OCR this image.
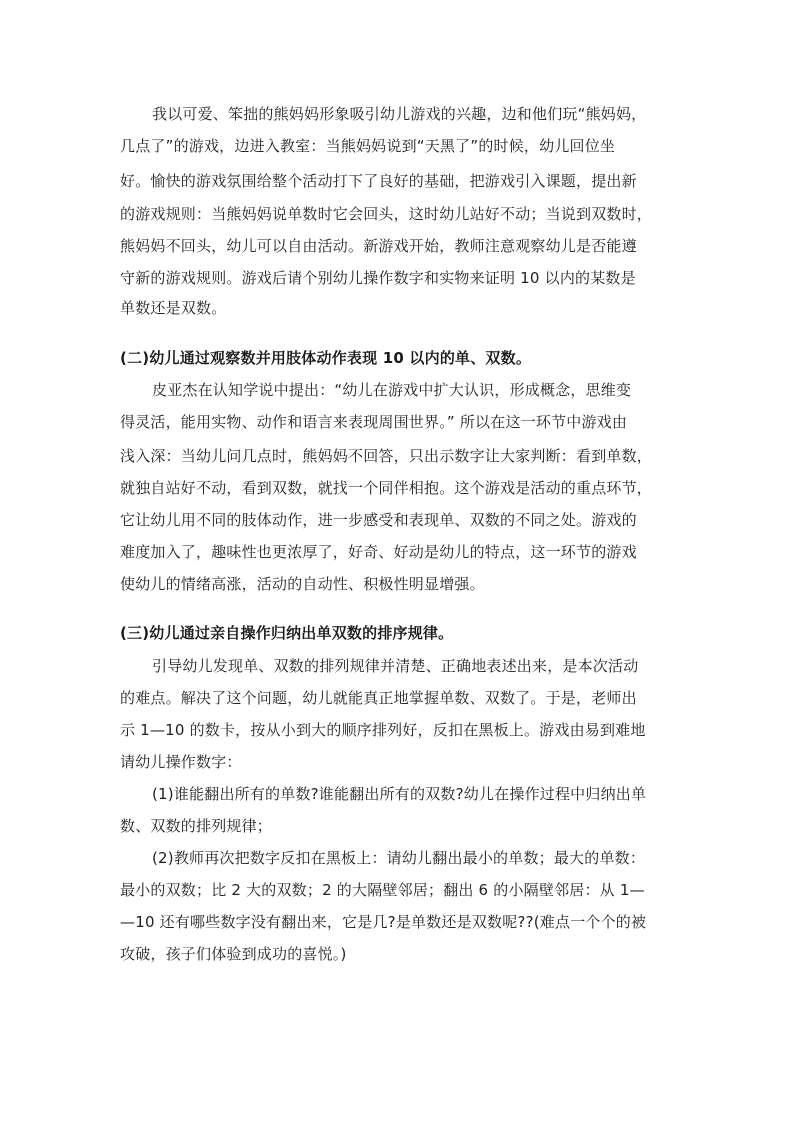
我以可爱、笨拙的熊妈妈形象吸引幼儿游戏的兴趣，边和他们玩“熊妈妈，
几点了”的游戏，边进入教室：当熊妈妈说到“天黑了”的时候，幼儿回位坐
好。愉快的游戏氛围给整个活动打下了良好的基础，把游戏引入课题，提出新
的游戏规则：当熊妈妈说单数时它会回头，这时幼儿站好不动；当说到双数时，
熊妈妈不回头，幼儿可以自由活动。新游戏开始，教师注意观察幼儿是否能遵
守新的游戏规则。游戏后请个别幼儿操作数字和实物来证明 10 以内的某数是
单数还是双数。
(二)幼儿通过观察数并用肢体动作表现 10 以内的单、双数。
皮亚杰在认知学说中提出：“幼儿在游戏中扩大认识，形成概念，思维变
得灵活，能用实物、动作和语言来表现周围世界。” 所以在这一环节中游戏由
浅入深：当幼儿问几点时，熊妈妈不回答，只出示数字让大家判断：看到单数，
就独自站好不动，看到双数，就找一个同伴相抱。这个游戏是活动的重点环节，
它让幼儿用不同的肢体动作，进一步感受和表现单、双数的不同之处。游戏的
难度加入了，趣味性也更浓厚了，好奇、好动是幼儿的特点，这一环节的游戏
使幼儿的情绪高涨，活动的自动性、积极性明显增强。
(三)幼儿通过亲自操作归纳出单双数的排序规律。
引导幼儿发现单、双数的排列规律并清楚、正确地表述出来，是本次活动
的难点。解决了这个问题，幼儿就能真正地掌握单数、双数了。于是，老师出
示 1—10 的数卡，按从小到大的顺序排列好，反扣在黑板上。游戏由易到难地
请幼儿操作数字：
(1)谁能翻出所有的单数?谁能翻出所有的双数?幼儿在操作过程中归纳出单
数、双数的排列规律；
(2)教师再次把数字反扣在黑板上：请幼儿翻出最小的单数；最大的单数：
最小的双数；比 2 大的双数；2 的大隔壁邻居；翻出 6 的小隔壁邻居：从 1—
—10 还有哪些数字没有翻出来，它是几?是单数还是双数呢??(难点一个个的被
攻破，孩子们体验到成功的喜悦。)
